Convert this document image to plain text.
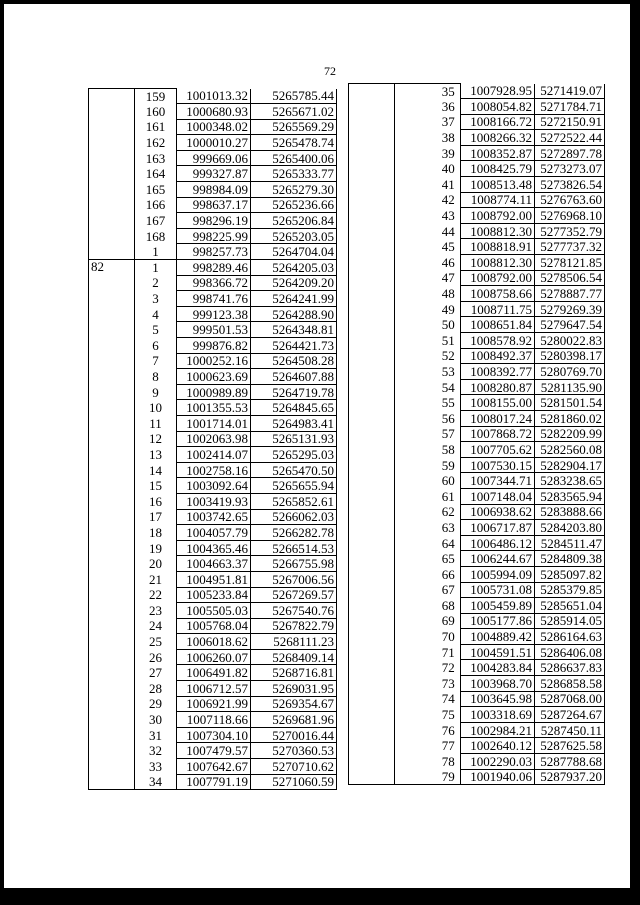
72
	159	1001013.32	5265785.44
	160	1000680.93	5265671.02
	161	1000348.02	5265569.29
	162	1000010.27	5265478.74
	163	999669.06	5265400.06
	164	999327.87	5265333.77
	165	998984.09	5265279.30
	166	998637.17	5265236.66
	167	998296.19	5265206.84
	168	998225.99	5265203.05
	1	998257.73	5264704.04
82	1	998289.46	5264205.03
	2	998366.72	5264209.20
	3	998741.76	5264241.99
	4	999123.38	5264288.90
	5	999501.53	5264348.81
	6	999876.82	5264421.73
	7	1000252.16	5264508.28
	8	1000623.69	5264607.88
	9	1000989.89	5264719.78
	10	1001355.53	5264845.65
	11	1001714.01	5264983.41
	12	1002063.98	5265131.93
	13	1002414.07	5265295.03
	14	1002758.16	5265470.50
	15	1003092.64	5265655.94
	16	1003419.93	5265852.61
	17	1003742.65	5266062.03
	18	1004057.79	5266282.78
	19	1004365.46	5266514.53
	20	1004663.37	5266755.98
	21	1004951.81	5267006.56
	22	1005233.84	5267269.57
	23	1005505.03	5267540.76
	24	1005768.04	5267822.79
	25	1006018.62	5268111.23
	26	1006260.07	5268409.14
	27	1006491.82	5268716.81
	28	1006712.57	5269031.95
	29	1006921.99	5269354.67
	30	1007118.66	5269681.96
	31	1007304.10	5270016.44
	32	1007479.57	5270360.53
	33	1007642.67	5270710.62
	34	1007791.19	5271060.59
		35	1007928.95	5271419.07
		36	1008054.82	5271784.71
		37	1008166.72	5272150.91
		38	1008266.32	5272522.44
		39	1008352.87	5272897.78
		40	1008425.79	5273273.07
		41	1008513.48	5273826.54
		42	1008774.11	5276763.60
		43	1008792.00	5276968.10
		44	1008812.30	5277352.79
		45	1008818.91	5277737.32
		46	1008812.30	5278121.85
		47	1008792.00	5278506.54
		48	1008758.66	5278887.77
		49	1008711.75	5279269.39
		50	1008651.84	5279647.54
		51	1008578.92	5280022.83
		52	1008492.37	5280398.17
		53	1008392.77	5280769.70
		54	1008280.87	5281135.90
		55	1008155.00	5281501.54
		56	1008017.24	5281860.02
		57	1007868.72	5282209.99
		58	1007705.62	5282560.08
		59	1007530.15	5282904.17
		60	1007344.71	5283238.65
		61	1007148.04	5283565.94
		62	1006938.62	5283888.66
		63	1006717.87	5284203.80
		64	1006486.12	5284511.47
		65	1006244.67	5284809.38
		66	1005994.09	5285097.82
		67	1005731.08	5285379.85
		68	1005459.89	5285651.04
		69	1005177.86	5285914.05
		70	1004889.42	5286164.63
		71	1004591.51	5286406.08
		72	1004283.84	5286637.83
		73	1003968.70	5286858.58
		74	1003645.98	5287068.00
		75	1003318.69	5287264.67
		76	1002984.21	5287450.11
		77	1002640.12	5287625.58
		78	1002290.03	5287788.68
		79	1001940.06	5287937.20
